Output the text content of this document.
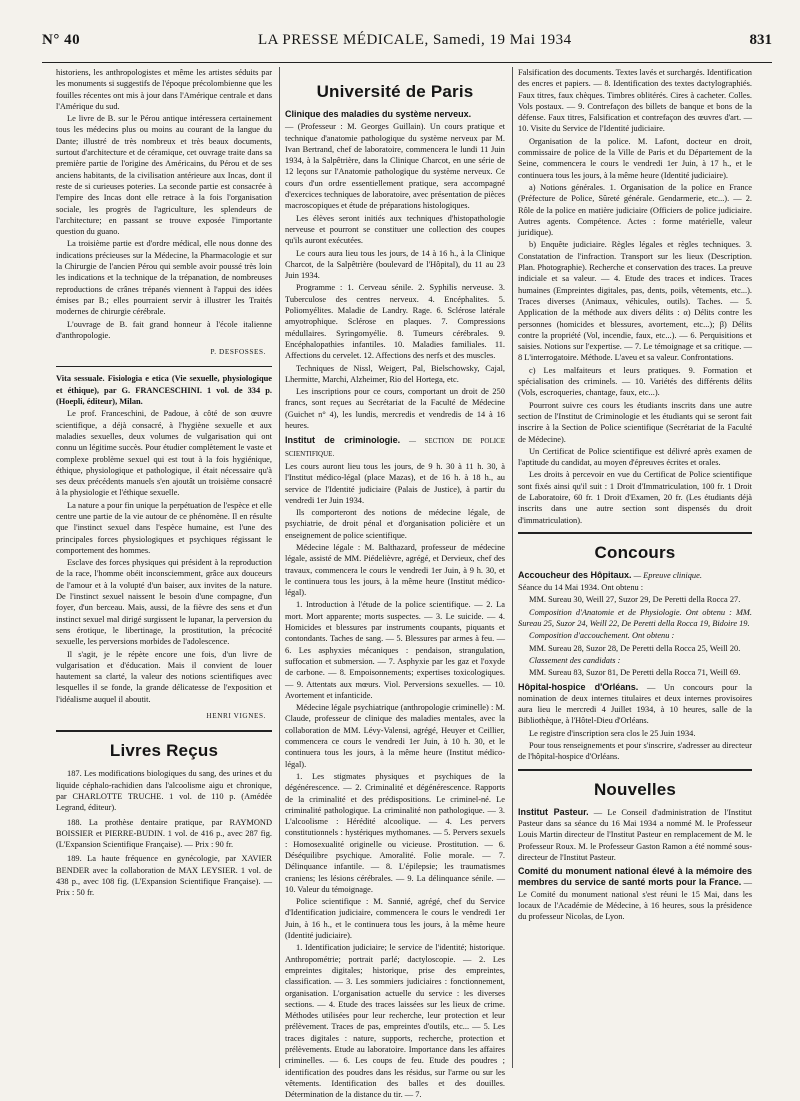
N° 40	LA PRESSE MÉDICALE, Samedi, 19 Mai 1934	831

historiens, les anthropologistes et même les artistes séduits par les monuments si suggestifs de l'époque précolombienne que les fouilles récentes ont mis à jour dans l'Amérique centrale et dans l'Amérique du sud.

Le livre de B. sur le Pérou antique intéressera certainement tous les médecins plus ou moins au courant de la langue du Dante; illustré de très nombreux et très beaux documents, surtout d'architecture et de céramique, cet ouvrage traite dans sa première partie de l'origine des Américains, du Pérou et de ses anciens habitants, de la civilisation antérieure aux Incas, dont il reste de si curieuses poteries. La seconde partie est consacrée à l'empire des Incas dont elle retrace à la fois l'organisation sociale, les progrès de l'agriculture, les splendeurs de l'architecture; en passant se trouve exposée l'importante question du guano.

La troisième partie est d'ordre médical, elle nous donne des indications précieuses sur la Médecine, la Pharmacologie et sur la Chirurgie de l'ancien Pérou qui semble avoir poussé très loin les indications et la technique de la trépanation, de nombreuses reproductions de crânes trépanés viennent à l'appui des idées émises par B.; elles pourraient servir à illustrer les Traités modernes de chirurgie cérébrale.

L'ouvrage de B. fait grand honneur à l'école italienne d'anthropologie.

P. DESFOSSES.

Vita sessuale. Fisiologia e etica (Vie sexuelle, physiologique et éthique), par G. FRANCESCHINI. 1 vol. de 334 p. (Hoepli, éditeur), Milan.

Le prof. Franceschini, de Padoue, à côté de son œuvre scientifique, a déjà consacré, à l'hygiène sexuelle et aux maladies sexuelles, deux volumes de vulgarisation qui ont connu un légitime succès. Pour étudier complètement le vaste et complexe problème sexuel qui est tout à la fois hygiénique, éthique, physiologique et pathologique, il était nécessaire qu'à ses deux précédents manuels s'en ajoutât un troisième consacré à la physiologie et l'éthique sexuelle.

La nature a pour fin unique la perpétuation de l'espèce et elle centre une partie de la vie autour de ce phénomène. Il en résulte que l'instinct sexuel dans l'espèce humaine, est l'une des principales forces physiologiques et psychiques régissant le comportement des hommes.

Esclave des forces physiques qui président à la reproduction de la race, l'homme obéit inconsciemment, grâce aux douceurs de l'amour et à la volupté d'un baiser, aux invites de la nature. De l'instinct sexuel naissent le besoin d'une compagne, d'un foyer, d'un berceau. Mais, aussi, de la fièvre des sens et d'un instinct sexuel mal dirigé surgissent le lupanar, la perversion du sens érotique, le libertinage, la prostitution, la précocité sexuelle, les perversions morbides de l'adolescence.

Il s'agit, je le répète encore une fois, d'un livre de vulgarisation et d'éducation. Mais il convient de louer hautement sa clarté, la valeur des notions scientifiques avec lesquelles il se fonde, la grande délicatesse de l'exposition et l'idéalisme auquel il aboutit.

HENRI VIGNES.

Livres Reçus

187. Les modifications biologiques du sang, des urines et du liquide céphalo-rachidien dans l'alcoolisme aigu et chronique, par CHARLOTTE TRUCHE. 1 vol. de 110 p. (Amédée Legrand, éditeur).

188. La prothèse dentaire pratique, par RAYMOND BOISSIER et PIERRE-BUDIN. 1 vol. de 416 p., avec 287 fig. (L'Expansion Scientifique Française). — Prix : 90 fr.

189. La haute fréquence en gynécologie, par XAVIER BENDER avec la collaboration de MAX LEYSIER. 1 vol. de 438 p., avec 108 fig. (L'Expansion Scientifique Française). — Prix : 50 fr.

Université de Paris

Clinique des maladies du système nerveux.

— (Professeur : M. Georges Guillain). Un cours pratique et technique d'anatomie pathologique du système nerveux par M. Ivan Bertrand, chef de laboratoire, commencera le lundi 11 Juin 1934, à la Salpêtrière, dans la Clinique Charcot, en une série de 12 leçons sur l'Anatomie pathologique du système nerveux. Ce cours d'un ordre essentiellement pratique, sera accompagné d'exercices techniques de laboratoire, avec présentation de pièces macroscopiques et étude de préparations histologiques.

Les élèves seront initiés aux techniques d'histopathologie nerveuse et pourront se constituer une collection des coupes qu'ils auront exécutées.

Le cours aura lieu tous les jours, de 14 à 16 h., à la Clinique Charcot, de la Salpêtrière (boulevard de l'Hôpital), du 11 au 23 Juin 1934.

Programme : 1. Cerveau sénile. 2. Syphilis nerveuse. 3. Tuberculose des centres nerveux. 4. Encéphalites. 5. Poliomyélites. Maladie de Landry. Rage. 6. Sclérose latérale amyotrophique. Sclérose en plaques. 7. Compressions médullaires. Syringomyélie. 8. Tumeurs cérébrales. 9. Encéphalopathies infantiles. 10. Maladies familiales. 11. Affections du cervelet. 12. Affections des nerfs et des muscles.

Techniques de Nissl, Weigert, Pal, Bielschowsky, Cajal, Lhermitte, Marchi, Alzheimer, Rio del Hortega, etc.

Les inscriptions pour ce cours, comportant un droit de 250 francs, sont reçues au Secrétariat de la Faculté de Médecine (Guichet n° 4), les lundis, mercredis et vendredis de 14 à 16 heures.

Institut de criminologie. — SECTION DE POLICE SCIENTIFIQUE.

Les cours auront lieu tous les jours, de 9 h. 30 à 11 h. 30, à l'Institut médico-légal (place Mazas), et de 16 h. à 18 h., au service de l'Identité judiciaire (Palais de Justice), à partir du vendredi 1er Juin 1934.

Ils comporteront des notions de médecine légale, de psychiatrie, de droit pénal et d'organisation policière et un enseignement de police scientifique.

Médecine légale : M. Balthazard, professeur de médecine légale, assisté de MM. Piédelièvre, agrégé, et Dervieux, chef des travaux, commencera le cours le vendredi 1er Juin, à 9 h. 30, et le continuera tous les jours, à la même heure (Institut médico-légal).

1. Introduction à l'étude de la police scientifique. — 2. La mort. Mort apparente; morts suspectes. — 3. Le suicide. — 4. Homicides et blessures par instruments coupants, piquants et contondants. Taches de sang. — 5. Blessures par armes à feu. — 6. Les asphyxies mécaniques : pendaison, strangulation, suffocation et submersion. — 7. Asphyxie par les gaz et l'oxyde de carbone. — 8. Empoisonnements; expertises toxicologiques. — 9. Attentats aux mœurs. Viol. Perversions sexuelles. — 10. Avortement et infanticide.

Médecine légale psychiatrique (anthropologie criminelle) : M. Claude, professeur de clinique des maladies mentales, avec la collaboration de MM. Lévy-Valensi, agrégé, Heuyer et Ceillier, commencera ce cours le vendredi 1er Juin, à 10 h. 30, et le continuera tous les jours, à la même heure (Institut médico-légal).

1. Les stigmates physiques et psychiques de la dégénérescence. — 2. Criminalité et dégénérescence. Rapports de la criminalité et des prédispositions. Le criminel-né. Le criminalité pathologique. La criminalité non pathologique. — 3. L'alcoolisme : Hérédité alcoolique. — 4. Les pervers constitutionnels : hystériques mythomanes. — 5. Pervers sexuels : Homosexualité originelle ou vicieuse. Prostitution. — 6. Déséquilibre psychique. Amoralité. Folie morale. — 7. Délinquance infantile. — 8. L'épilepsie; les traumatismes craniens; les lésions cérébrales. — 9. La délinquance sénile. — 10. Valeur du témoignage.

Police scientifique : M. Sannié, agrégé, chef du Service d'Identification judiciaire, commencera le cours le vendredi 1er Juin, à 16 h., et le continuera tous les jours, à la même heure (Identité judiciaire).

1. Identification judiciaire; le service de l'identité; historique. Anthropométrie; portrait parlé; dactyloscopie. — 2. Les empreintes digitales; historique, prise des empreintes, classification. — 3. Les sommiers judiciaires : fonctionnement, organisation. L'organisation actuelle du service : les diverses sections. — 4. Etude des traces laissées sur les lieux de crime. Méthodes utilisées pour leur recherche, leur protection et leur prélèvement. Traces de pas, empreintes d'outils, etc... — 5. Les traces digitales : nature, supports, recherche, protection et prélèvements. Etude au laboratoire. Importance dans les affaires criminelles. — 6. Les coups de feu. Etude des poudres ; identification des poudres dans les résidus, sur l'arme ou sur les vêtements. Identification des balles et des douilles. Détermination de la distance du tir. — 7.

Falsification des documents. Textes lavés et surchargés. Identification des encres et papiers. — 8. Identification des textes dactylographiés. Faux titres, faux chèques. Timbres oblitérés. Cires à cacheter. Colles. Vols postaux. — 9. Contrefaçon des billets de banque et bons de la défense. Faux titres, Falsification et contrefaçon des œuvres d'art. — 10. Visite du Service de l'Identité judiciaire.

Organisation de la police. M. Lafont, docteur en droit, commissaire de police de la Ville de Paris et du Département de la Seine, commencera le cours le vendredi 1er Juin, à 17 h., et le continuera tous les jours, à la même heure (Identité judiciaire).

a) Notions générales. 1. Organisation de la police en France (Préfecture de Police, Sûreté générale. Gendarmerie, etc...). — 2. Rôle de la police en matière judiciaire (Officiers de police judiciaire. Autres agents. Compétence. Actes : forme matérielle, valeur juridique).

b) Enquête judiciaire. Règles légales et règles techniques. 3. Constatation de l'infraction. Transport sur les lieux (Description. Plan. Photographie). Recherche et conservation des traces. La preuve indiciale et sa valeur. — 4. Etude des traces et indices. Traces humaines (Empreintes digitales, pas, dents, poils, vêtements, etc...). Traces diverses (Animaux, véhicules, outils). Taches. — 5. Application de la méthode aux divers délits : α) Délits contre les personnes (homicides et blessures, avortement, etc...); β) Délits contre la propriété (Vol, incendie, faux, etc...). — 6. Perquisitions et saisies. Notions sur l'expertise. — 7. Le témoignage et sa critique. — 8 L'interrogatoire. Méthode. L'aveu et sa valeur. Confrontations.

c) Les malfaiteurs et leurs pratiques. 9. Formation et spécialisation des criminels. — 10. Variétés des différents délits (Vols, escroqueries, chantage, faux, etc...).

Pourront suivre ces cours les étudiants inscrits dans une autre section de l'Institut de Criminologie et les étudiants qui se seront fait inscrire à la Section de Police scientifique (Secrétariat de la Faculté de Médecine).

Un Certificat de Police scientifique est délivré après examen de l'aptitude du candidat, au moyen d'épreuves écrites et orales.

Les droits à percevoir en vue du Certificat de Police scientifique sont fixés ainsi qu'il suit : 1 Droit d'Immatriculation, 100 fr. 1 Droit de Laboratoire, 60 fr. 1 Droit d'Examen, 20 fr. (Les étudiants déjà inscrits dans une autre section sont dispensés du droit d'immatriculation).

Concours

Accoucheur des Hôpitaux. — Epreuve clinique.

Séance du 14 Mai 1934. Ont obtenu :

MM. Sureau 30, Weill 27, Suzor 29, De Peretti della Rocca 27.

Composition d'Anatomie et de Physiologie. Ont obtenu : MM. Sureau 25, Suzor 24, Weill 22, De Peretti della Rocca 19, Bidoire 19.

Composition d'accouchement. Ont obtenu :

MM. Sureau 28, Suzor 28, De Peretti della Rocca 25, Weill 20.

Classement des candidats :

MM. Sureau 83, Suzor 81, De Peretti della Rocca 71, Weill 69.

Hôpital-hospice d'Orléans. — Un concours pour la nomination de deux internes titulaires et deux internes provisoires aura lieu le mercredi 4 Juillet 1934, à 10 heures, salle de la Bibliothèque, à l'Hôtel-Dieu d'Orléans.

Le registre d'inscription sera clos le 25 Juin 1934.

Pour tous renseignements et pour s'inscrire, s'adresser au directeur de l'hôpital-hospice d'Orléans.

Nouvelles

Institut Pasteur. — Le Conseil d'administration de l'Institut Pasteur dans sa séance du 16 Mai 1934 a nommé M. le Professeur Louis Martin directeur de l'Institut Pasteur en remplacement de M. le Professeur Roux. M. le Professeur Gaston Ramon a été nommé sous-directeur de l'Institut Pasteur.

Comité du monument national élevé à la mémoire des membres du service de santé morts pour la France. — Le Comité du monument national s'est réuni le 15 Mai, dans les locaux de l'Académie de Médecine, à 16 heures, sous la présidence du professeur Nicolas, de Lyon.
